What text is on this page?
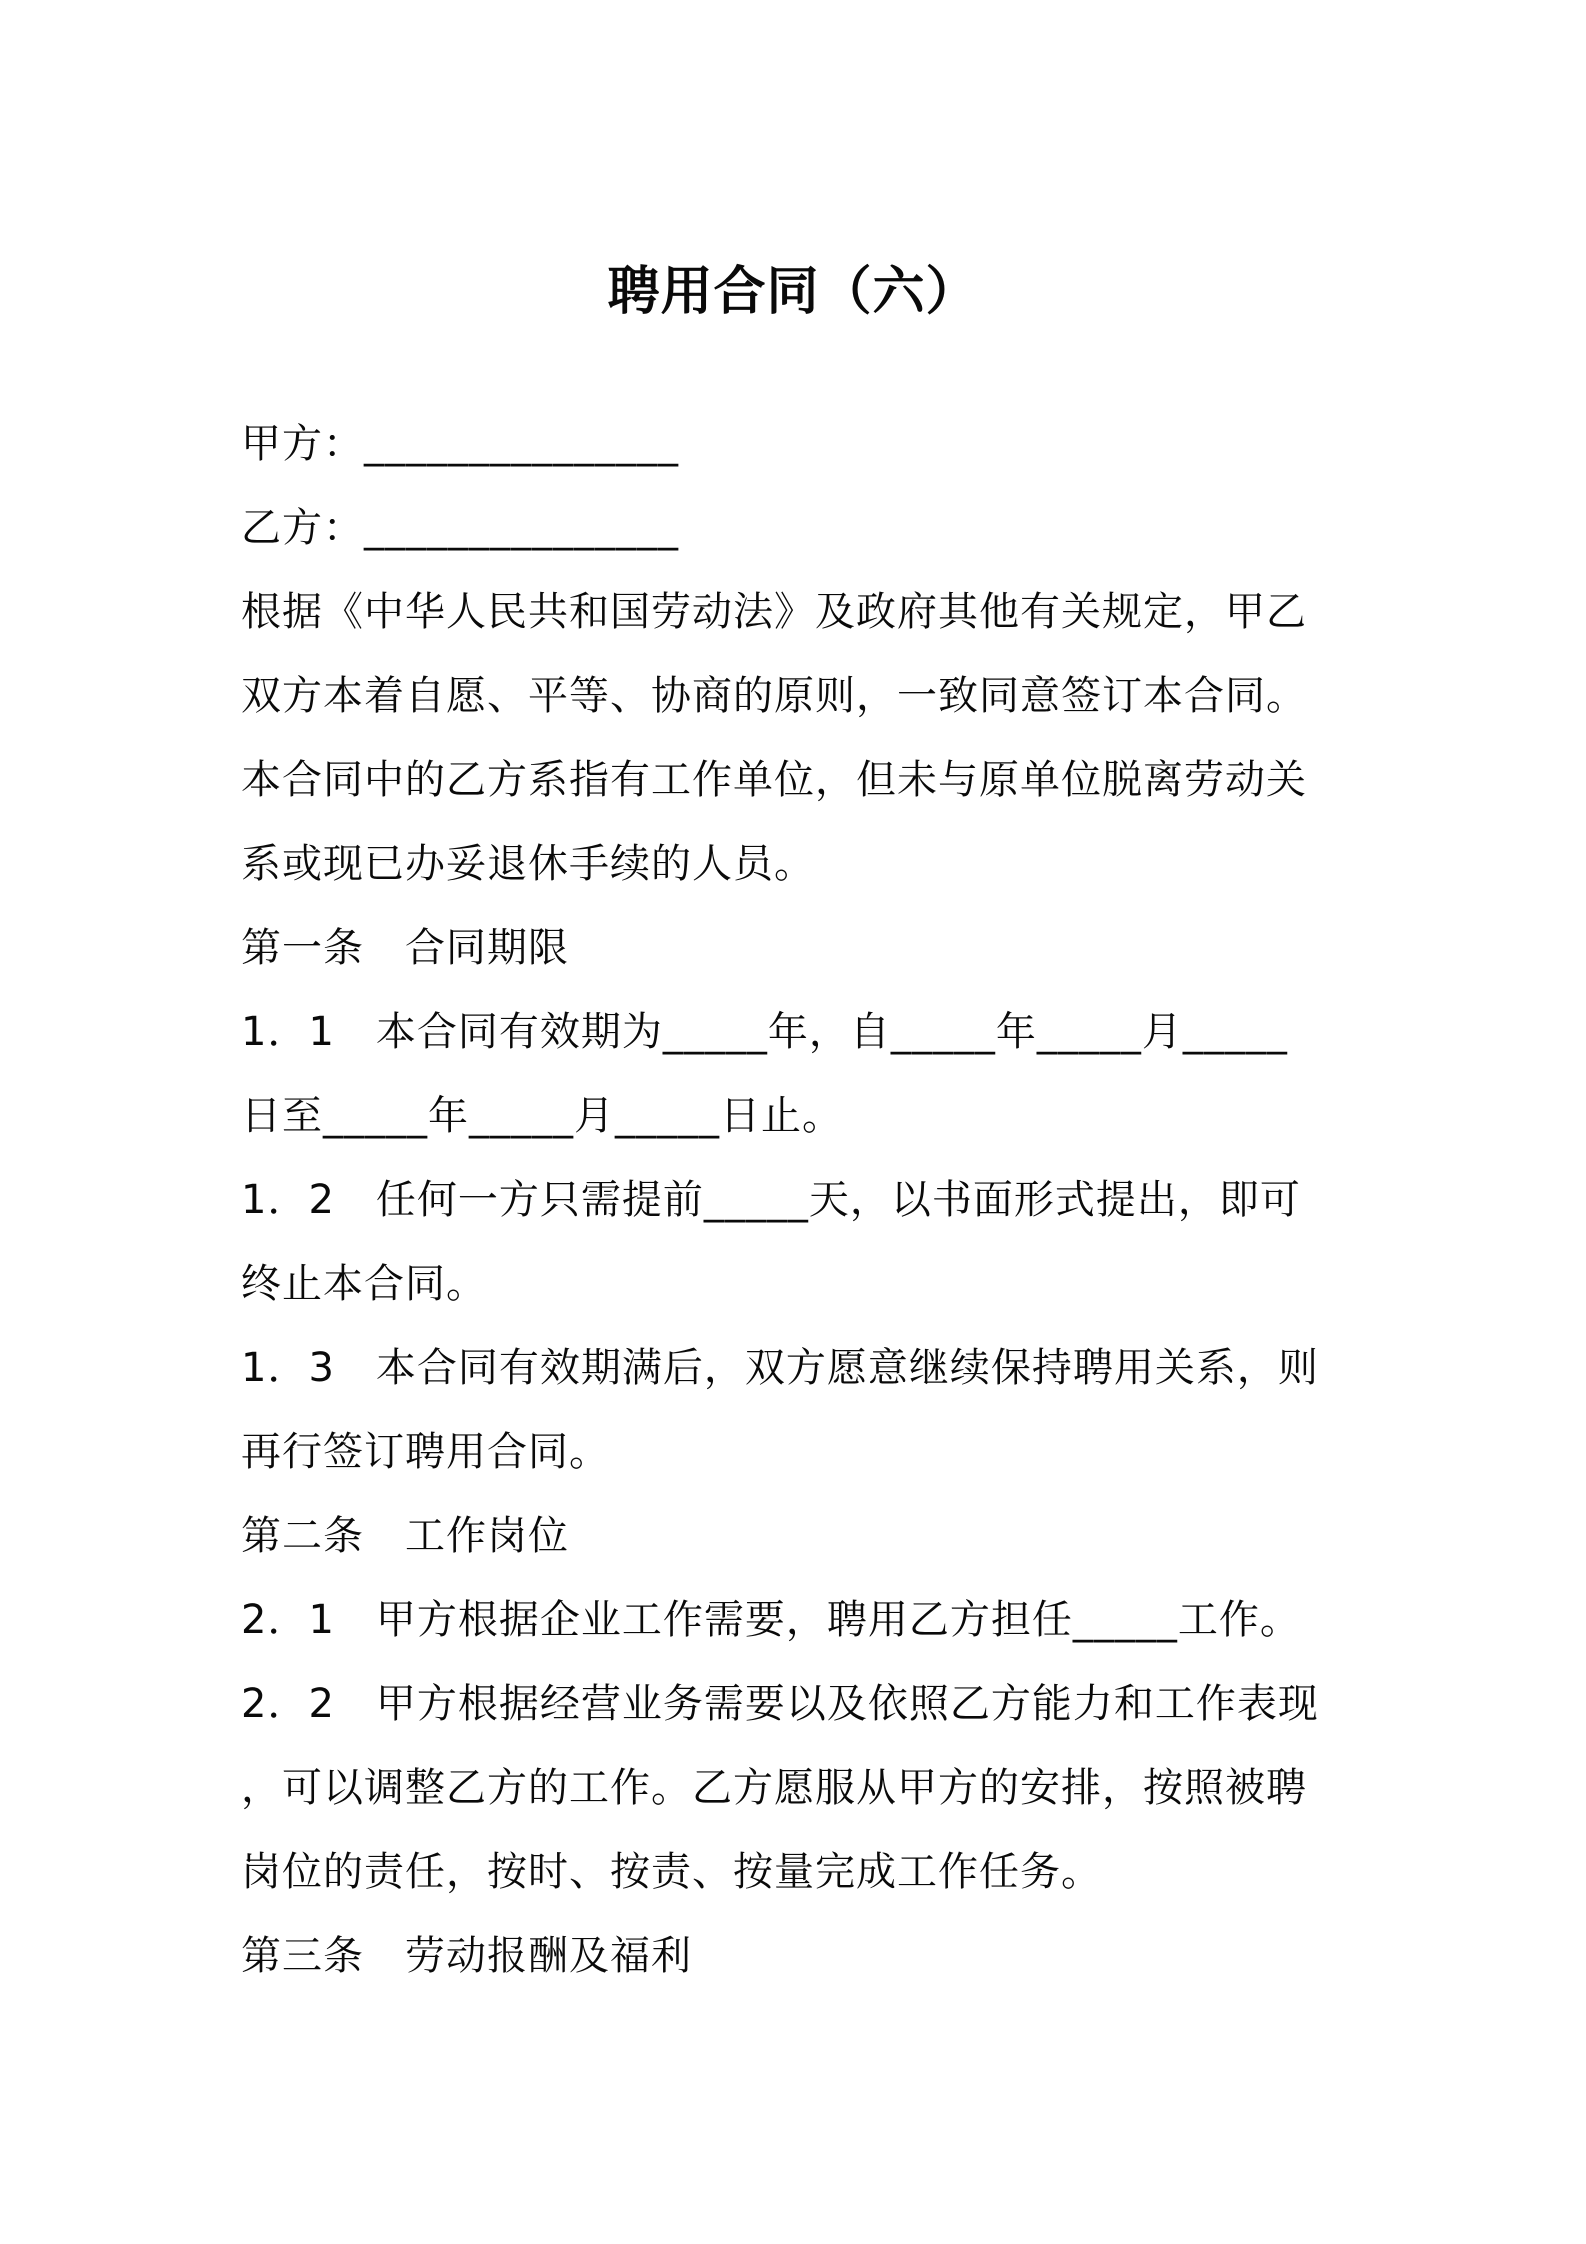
聘用合同（六）
甲方：_______________
乙方：_______________
根据《中华人民共和国劳动法》及政府其他有关规定，甲乙
双方本着自愿、平等、协商的原则，一致同意签订本合同。
本合同中的乙方系指有工作单位，但未与原单位脱离劳动关
系或现已办妥退休手续的人员。
第一条　合同期限
1．1　本合同有效期为_____年，自_____年_____月_____
日至_____年_____月_____日止。
1．2　任何一方只需提前_____天，以书面形式提出，即可
终止本合同。
1．3　本合同有效期满后，双方愿意继续保持聘用关系，则
再行签订聘用合同。
第二条　工作岗位
2．1　甲方根据企业工作需要，聘用乙方担任_____工作。
2．2　甲方根据经营业务需要以及依照乙方能力和工作表现
，可以调整乙方的工作。乙方愿服从甲方的安排，按照被聘
岗位的责任，按时、按责、按量完成工作任务。
第三条　劳动报酬及福利
